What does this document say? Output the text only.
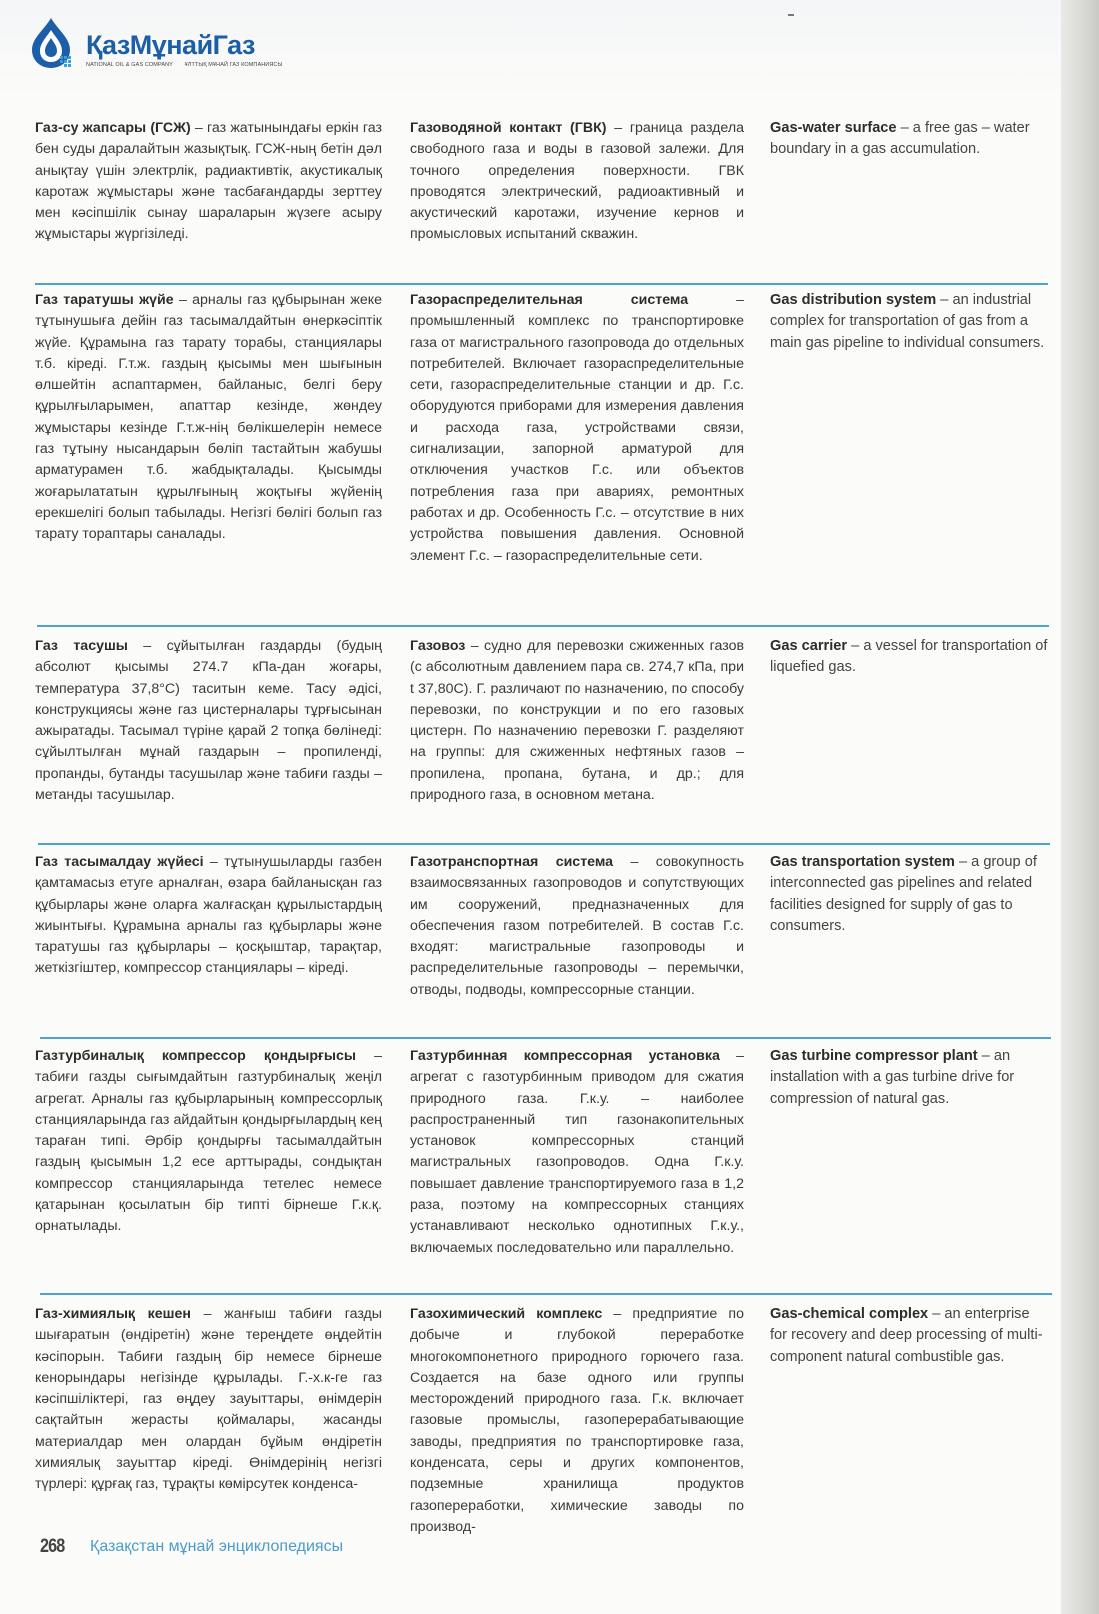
ҚазМұнайГаз
NATIONAL OIL & GAS COMPANY ҰЛТТЫҚ МҰНАЙ ГАЗ КОМПАНИЯСЫ
Газ-су жапсары (ГСЖ) – газ жатынындағы еркін газ бен суды даралайтын жазықтық. ГСЖ-ның бетін дәл анықтау үшін электрлік, радиактивтік, акустикалық каротаж жұмыстары және тасбағандарды зерттеу мен кәсіпшілік сынау шараларын жүзеге асыру жұмыстары жүргізіледі.
Газоводяной контакт (ГВК) – граница раздела свободного газа и воды в газовой залежи. Для точного определения поверхности. ГВК проводятся электрический, радиоактивный и акустический каротажи, изучение кернов и промысловых испытаний скважин.
Gas-water surface – a free gas – water boundary in a gas accumulation.
Газ таратушы жүйе – арналы газ құбырынан жеке тұтынушыға дейін газ тасымалдайтын өнеркәсіптік жүйе. Құрамына газ тарату торабы, станциялары т.б. кіреді. Г.т.ж. газдың қысымы мен шығынын өлшейтін аспаптармен, байланыс, белгі беру құрылғыларымен, апаттар кезінде, жөндеу жұмыстары кезінде Г.т.ж-нің бөлікшелерін немесе газ тұтыну нысандарын бөліп тастайтын жабушы арматурамен т.б. жабдықталады. Қысымды жоғарылататын құрылғының жоқтығы жүйенің ерекшелігі болып табылады. Негізгі бөлігі болып газ тарату тораптары саналады.
Газораспределительная система – промышленный комплекс по транспортировке газа от магистрального газопровода до отдельных потребителей. Включает газораспределительные сети, газораспределительные станции и др. Г.с. оборудуются приборами для измерения давления и расхода газа, устройствами связи, сигнализации, запорной арматурой для отключения участков Г.с. или объектов потребления газа при авариях, ремонтных работах и др. Особенность Г.с. – отсутствие в них устройства повышения давления. Основной элемент Г.с. – газораспределительные сети.
Gas distribution system – an industrial complex for transportation of gas from a main gas pipeline to individual consumers.
Газ тасушы – сұйытылған газдарды (будың абсолют қысымы 274.7 кПа-дан жоғары, температура 37,8°С) таситын кеме. Тасу әдісі, конструкциясы және газ цистерналары тұрғысынан ажыратады. Тасымал түріне қарай 2 топқа бөлінеді: сұйылтылған мұнай газдарын – пропиленді, пропанды, бутанды тасушылар және табиғи газды – метанды тасушылар.
Газовоз – судно для перевозки сжиженных газов (с абсолютным давлением пара св. 274,7 кПа, при t 37,80С). Г. различают по назначению, по способу перевозки, по конструкции и по его газовых цистерн. По назначению перевозки Г. разделяют на группы: для сжиженных нефтяных газов – пропилена, пропана, бутана, и др.; для природного газа, в основном метана.
Gas carrier – a vessel for transportation of liquefied gas.
Газ тасымалдау жүйесі – тұтынушыларды газбен қамтамасыз етуге арналған, өзара байланысқан газ құбырлары және оларға жалғасқан құрылыстардың жиынтығы. Құрамына арналы газ құбырлары және таратушы газ құбырлары – қосқыштар, тарақтар, жеткізгіштер, компрессор станциялары – кіреді.
Газотранспортная система – совокупность взаимосвязанных газопроводов и сопутствующих им сооружений, предназначенных для обеспечения газом потребителей. В состав Г.с. входят: магистральные газопроводы и распределительные газопроводы – перемычки, отводы, подводы, компрессорные станции.
Gas transportation system – a group of interconnected gas pipelines and related facilities designed for supply of gas to consumers.
Газтурбиналық компрессор қондырғысы – табиғи газды сығымдайтын газтурбиналық жеңіл агрегат. Арналы газ құбырларының компрессорлық станцияларында газ айдайтын қондырғылардың кең тараған типі. Әрбір қондырғы тасымалдайтын газдың қысымын 1,2 есе арттырады, сондықтан компрессор станцияларында тетелес немесе қатарынан қосылатын бір типті бірнеше Г.к.қ. орнатылады.
Газтурбинная компрессорная установка – агрегат с газотурбинным приводом для сжатия природного газа. Г.к.у. – наиболее распространенный тип газонакопительных установок компрессорных станций магистральных газопроводов. Одна Г.к.у. повышает давление транспортируемого газа в 1,2 раза, поэтому на компрессорных станциях устанавливают несколько однотипных Г.к.у., включаемых последовательно или параллельно.
Gas turbine compressor plant – an installation with a gas turbine drive for compression of natural gas.
Газ-химиялық кешен – жанғыш табиғи газды шығаратын (өндіретін) және тереңдете өңдейтін кәсіпорын. Табиғи газдың бір немесе бірнеше кенорындары негізінде құрылады. Г.-х.к-ге газ кәсіпшіліктері, газ өңдеу зауыттары, өнімдерін сақтайтын жерасты қоймалары, жасанды материалдар мен олардан бұйым өндіретін химиялық зауыттар кіреді. Өнімдерінің негізгі түрлері: құрғақ газ, тұрақты көмірсутек конденса-
Газохимический комплекс – предприятие по добыче и глубокой переработке многокомпонетного природного горючего газа. Создается на базе одного или группы месторождений природного газа. Г.к. включает газовые промыслы, газоперерабатывающие заводы, предприятия по транспортировке газа, конденсата, серы и других компонентов, подземные хранилища продуктов газопереработки, химические заводы по производ-
Gas-chemical complex – an enterprise for recovery and deep processing of multi-component natural combustible gas.
268 Қазақстан мұнай энциклопедиясы
